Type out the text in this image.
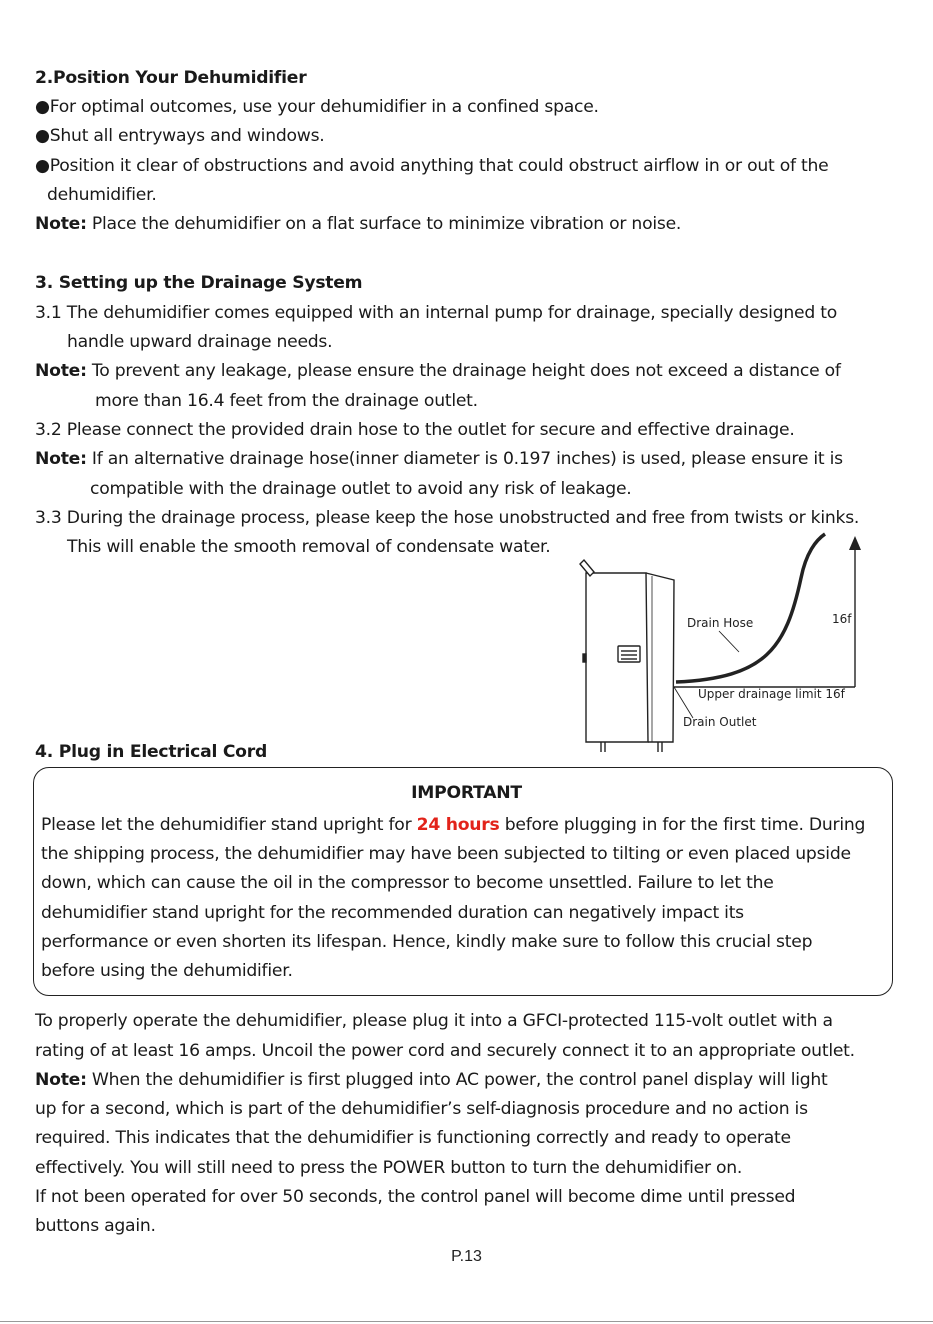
2.Position Your Dehumidifier

●For optimal outcomes, use your dehumidifier in a confined space.

●Shut all entryways and windows.

●Position it clear of obstructions and avoid anything that could obstruct airflow in or out of the

dehumidifier.

Note: Place the dehumidifier on a flat surface to minimize vibration or noise.

3. Setting up the Drainage System

3.1 The dehumidifier comes equipped with an internal pump for drainage, specially designed to

handle upward drainage needs.

Note: To prevent any leakage, please ensure the drainage height does not exceed a distance of

more than 16.4 feet from the drainage outlet.

3.2 Please connect the provided drain hose to the outlet for secure and effective drainage.

Note: If an alternative drainage hose(inner diameter is 0.197 inches) is used, please ensure it is

compatible with the drainage outlet to avoid any risk of leakage.

3.3 During the drainage process, please keep the hose unobstructed and free from twists or kinks.

This will enable the smooth removal of condensate water.

Drain Hose	16f
Upper drainage limit 16f
Drain Outlet

4. Plug in Electrical Cord

IMPORTANT

Please let the dehumidifier stand upright for 24 hours before plugging in for the first time. During

the shipping process, the dehumidifier may have been subjected to tilting or even placed upside

down, which can cause the oil in the compressor to become unsettled. Failure to let the

dehumidifier stand upright for the recommended duration can negatively impact its

performance or even shorten its lifespan. Hence, kindly make sure to follow this crucial step

before using the dehumidifier.

To properly operate the dehumidifier, please plug it into a GFCI-protected 115-volt outlet with a

rating of at least 16 amps. Uncoil the power cord and securely connect it to an appropriate outlet.

Note: When the dehumidifier is first plugged into AC power, the control panel display will light

up for a second, which is part of the dehumidifier’s self-diagnosis procedure and no action is

required. This indicates that the dehumidifier is functioning correctly and ready to operate

effectively. You will still need to press the POWER button to turn the dehumidifier on.

If not been operated for over 50 seconds, the control panel will become dime until pressed

buttons again.

P.13
